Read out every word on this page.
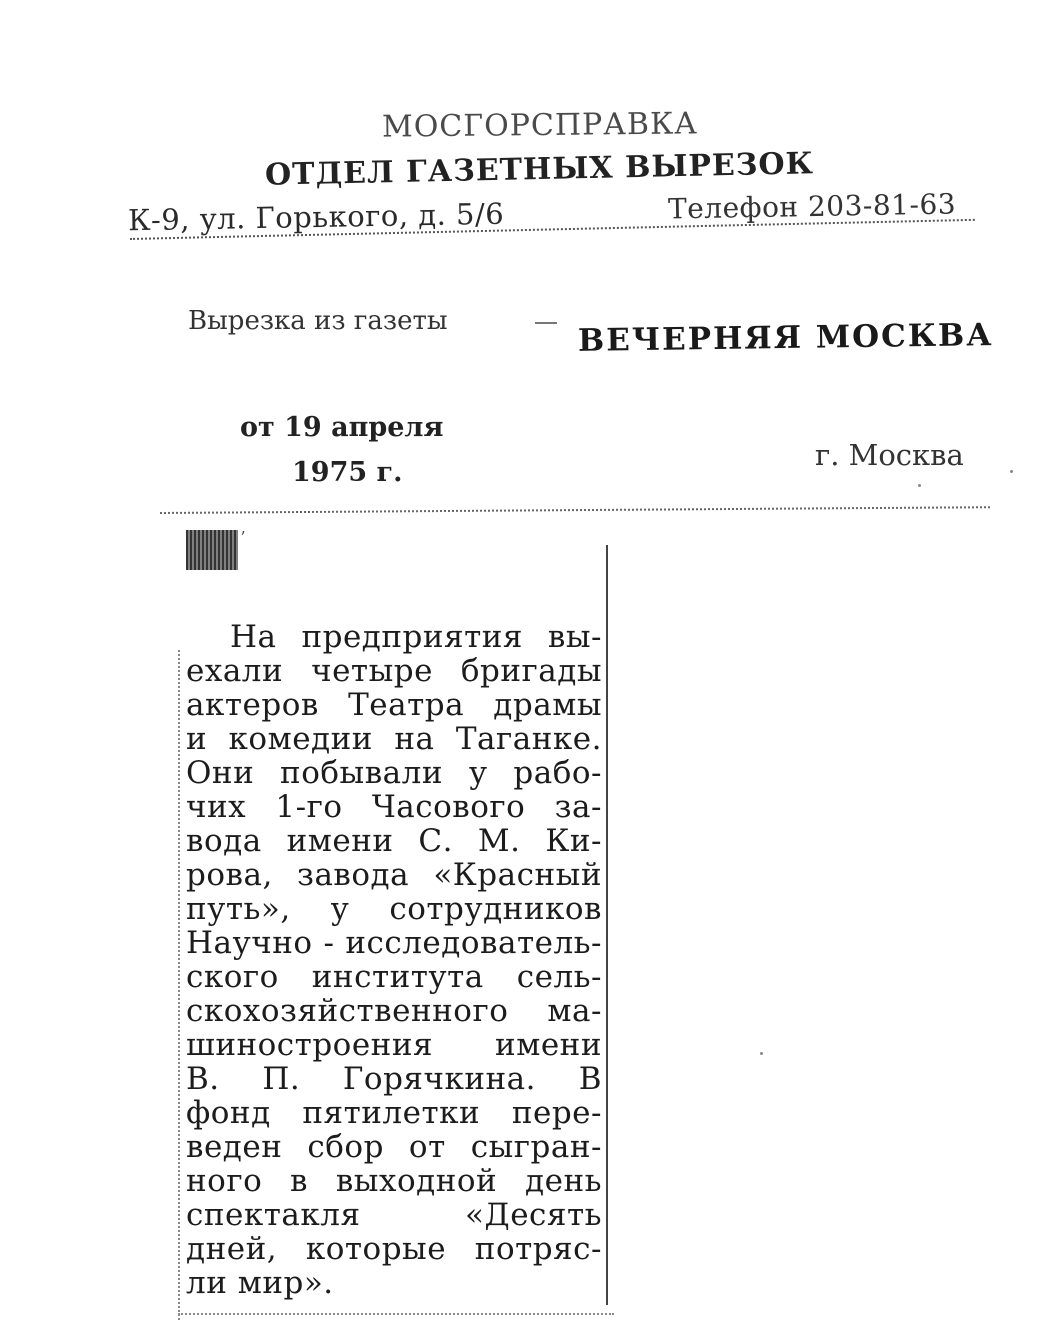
МОСГОРСПРАВКА
ОТДЕЛ ГАЗЕТНЫХ ВЫРЕЗОК
К-9, ул. Горького, д. 5/6	Телефон 203-81-63
Вырезка из газеты	ВЕЧЕРНЯЯ МОСКВА
от 19 апреля
1975 г.
г. Москва
ʼ
На предприятия вы-
ехали четыре бригады
актеров Театра драмы
и комедии на Таганке.
Они побывали у рабо-
чих 1-го Часового за-
вода имени С. М. Ки-
рова, завода «Красный
путь», у сотрудников
Научно - исследователь-
ского института сель-
скохозяйственного ма-
шиностроения имени
В. П. Горячкина. В
фонд пятилетки пере-
веден сбор от сыгран-
ного в выходной день
спектакля «Десять
дней, которые потряс-
ли мир».
